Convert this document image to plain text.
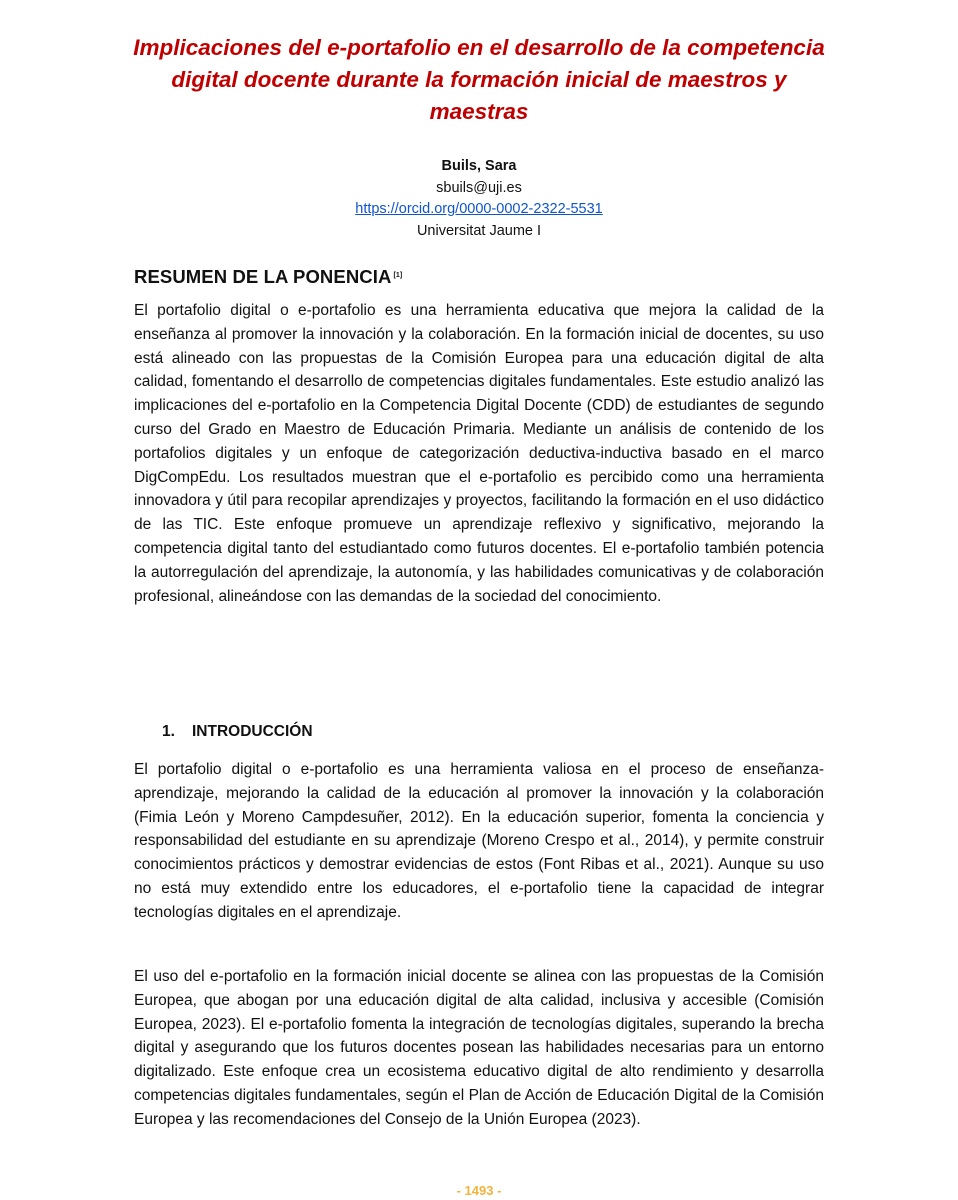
Implicaciones del e-portafolio en el desarrollo de la competencia digital docente durante la formación inicial de maestros y maestras
Buils, Sara
sbuils@uji.es
https://orcid.org/0000-0002-2322-5531
Universitat Jaume I
RESUMEN DE LA PONENCIA [1]

El portafolio digital o e-portafolio es una herramienta educativa que mejora la calidad de la enseñanza al promover la innovación y la colaboración. En la formación inicial de docentes, su uso está alineado con las propuestas de la Comisión Europea para una educación digital de alta calidad, fomentando el desarrollo de competencias digitales fundamentales. Este estudio analizó las implicaciones del e-portafolio en la Competencia Digital Docente (CDD) de estudiantes de segundo curso del Grado en Maestro de Educación Primaria. Mediante un análisis de contenido de los portafolios digitales y un enfoque de categorización deductiva-inductiva basado en el marco DigCompEdu. Los resultados muestran que el e-portafolio es percibido como una herramienta innovadora y útil para recopilar aprendizajes y proyectos, facilitando la formación en el uso didáctico de las TIC. Este enfoque promueve un aprendizaje reflexivo y significativo, mejorando la competencia digital tanto del estudiantado como futuros docentes. El e-portafolio también potencia la autorregulación del aprendizaje, la autonomía, y las habilidades comunicativas y de colaboración profesional, alineándose con las demandas de la sociedad del conocimiento.

1. INTRODUCCIÓN

El portafolio digital o e-portafolio es una herramienta valiosa en el proceso de enseñanza-aprendizaje, mejorando la calidad de la educación al promover la innovación y la colaboración (Fimia León y Moreno Campdesuñer, 2012). En la educación superior, fomenta la conciencia y responsabilidad del estudiante en su aprendizaje (Moreno Crespo et al., 2014), y permite construir conocimientos prácticos y demostrar evidencias de estos (Font Ribas et al., 2021). Aunque su uso no está muy extendido entre los educadores, el e-portafolio tiene la capacidad de integrar tecnologías digitales en el aprendizaje.

El uso del e-portafolio en la formación inicial docente se alinea con las propuestas de la Comisión Europea, que abogan por una educación digital de alta calidad, inclusiva y accesible (Comisión Europea, 2023). El e-portafolio fomenta la integración de tecnologías digitales, superando la brecha digital y asegurando que los futuros docentes posean las habilidades necesarias para un entorno digitalizado. Este enfoque crea un ecosistema educativo digital de alto rendimiento y desarrolla competencias digitales fundamentales, según el Plan de Acción de Educación Digital de la Comisión Europea y las recomendaciones del Consejo de la Unión Europea (2023).

- 1493 -
